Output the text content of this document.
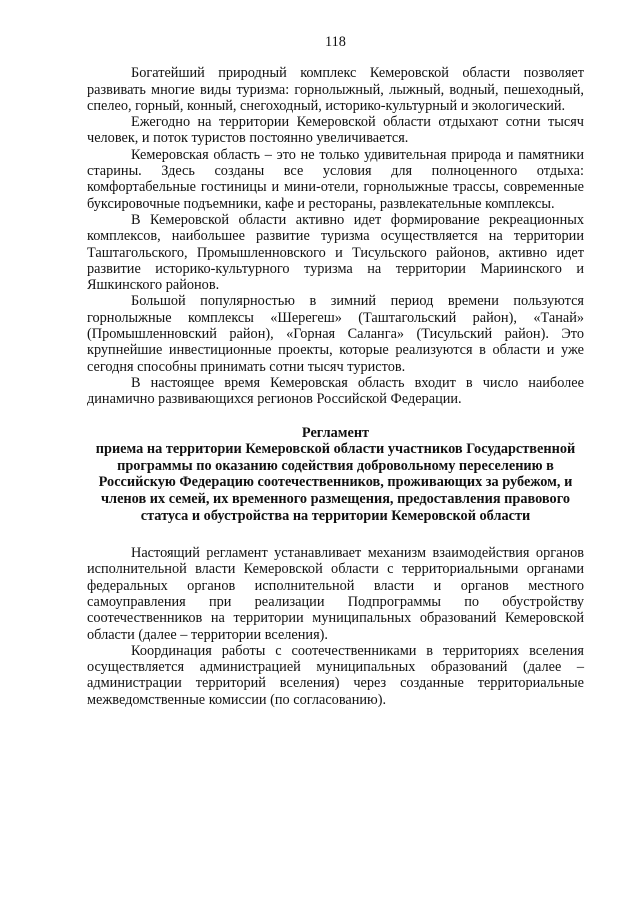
118

Богатейший природный комплекс Кемеровской области позволяет развивать многие виды туризма: горнолыжный, лыжный, водный, пешеходный, спелео, горный, конный, снегоходный, историко-культурный и экологический.

Ежегодно на территории Кемеровской области отдыхают сотни тысяч человек, и поток туристов постоянно увеличивается.

Кемеровская область – это не только удивительная природа и памятники старины. Здесь созданы все условия для полноценного отдыха: комфортабельные гостиницы и мини-отели, горнолыжные трассы, современные буксировочные подъемники, кафе и рестораны, развлекательные комплексы.

В Кемеровской области активно идет формирование рекреационных комплексов, наибольшее развитие туризма осуществляется на территории Таштагольского, Промышленновского и Тисульского районов, активно идет развитие историко-культурного туризма на территории Мариинского и Яшкинского районов.

Большой популярностью в зимний период времени пользуются горнолыжные комплексы «Шерегеш» (Таштагольский район), «Танай» (Промышленновский район), «Горная Саланга» (Тисульский район). Это крупнейшие инвестиционные проекты, которые реализуются в области и уже сегодня способны принимать сотни тысяч туристов.

В настоящее время Кемеровская область входит в число наиболее динамично развивающихся регионов Российской Федерации.

Регламент
приема на территории Кемеровской области участников Государственной программы по оказанию содействия добровольному переселению в Российскую Федерацию соотечественников, проживающих за рубежом, и членов их семей, их временного размещения, предоставления правового статуса и обустройства на территории Кемеровской области

Настоящий регламент устанавливает механизм взаимодействия органов исполнительной власти Кемеровской области с территориальными органами федеральных органов исполнительной власти и органов местного самоуправления при реализации Подпрограммы по обустройству соотечественников на территории муниципальных образований Кемеровской области (далее – территории вселения).

Координация работы с соотечественниками в территориях вселения осуществляется администрацией муниципальных образований (далее – администрации территорий вселения) через созданные территориальные межведомственные комиссии (по согласованию).
